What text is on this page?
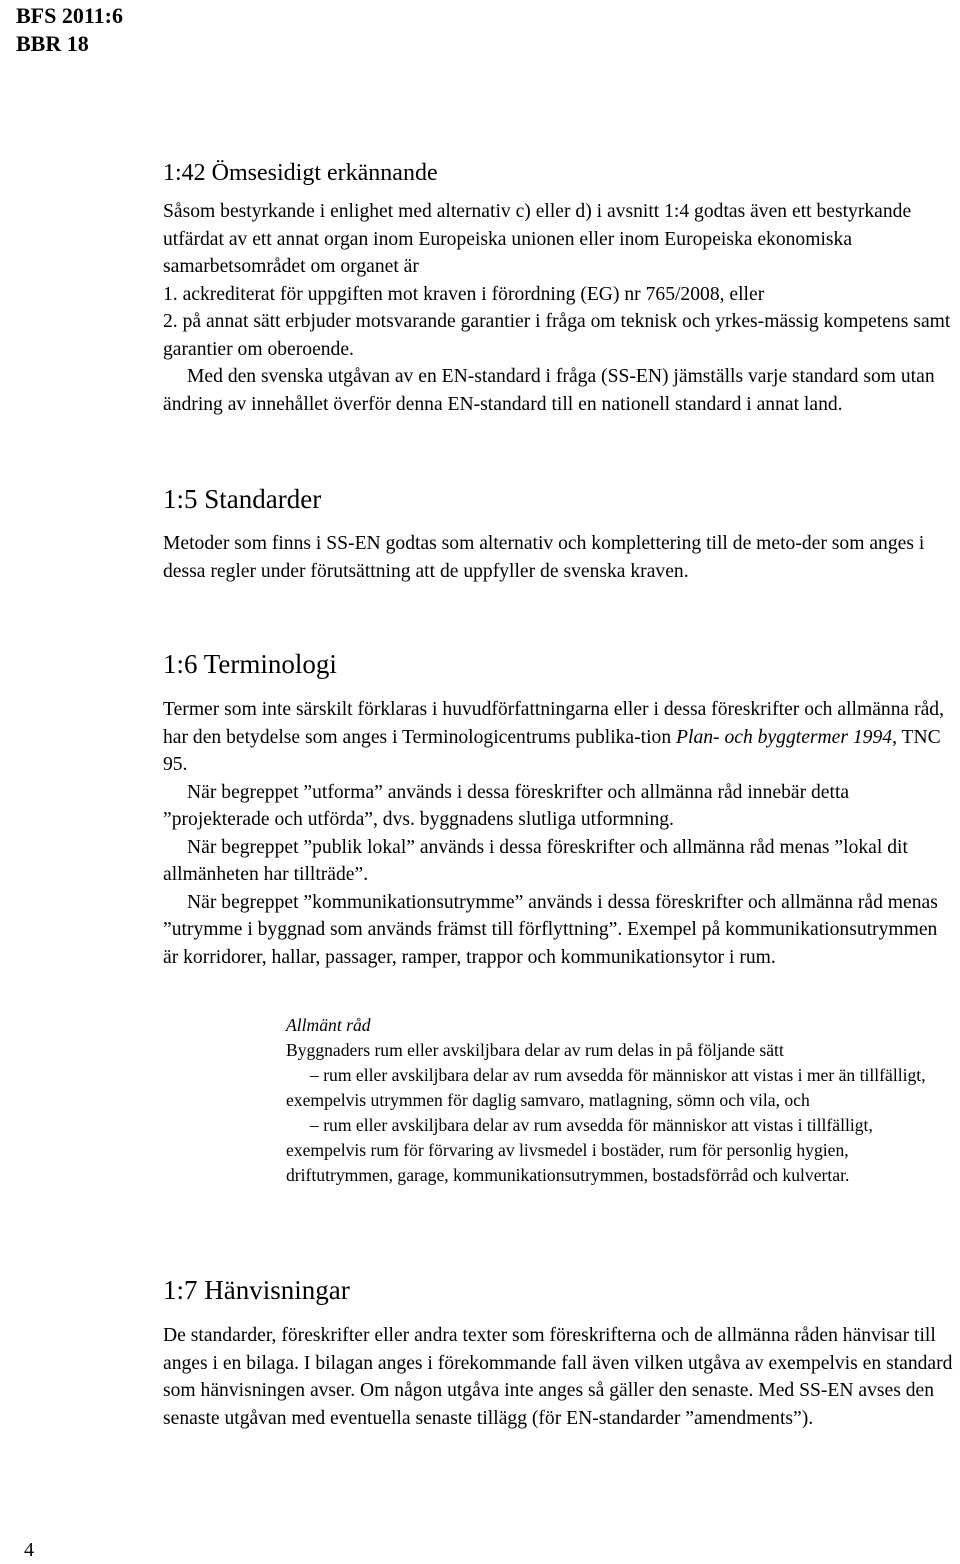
BFS 2011:6
BBR 18
1:42 Ömsesidigt erkännande

Såsom bestyrkande i enlighet med alternativ c) eller d) i avsnitt 1:4 godtas även ett bestyrkande utfärdat av ett annat organ inom Europeiska unionen eller inom Europeiska ekonomiska samarbetsområdet om organet är

1. ackrediterat för uppgiften mot kraven i förordning (EG) nr 765/2008, eller

2. på annat sätt erbjuder motsvarande garantier i fråga om teknisk och yrkes-mässig kompetens samt garantier om oberoende.

Med den svenska utgåvan av en EN-standard i fråga (SS-EN) jämställs varje standard som utan ändring av innehållet överför denna EN-standard till en nationell standard i annat land.

1:5 Standarder

Metoder som finns i SS-EN godtas som alternativ och komplettering till de meto-der som anges i dessa regler under förutsättning att de uppfyller de svenska kraven.

1:6 Terminologi

Termer som inte särskilt förklaras i huvudförfattningarna eller i dessa föreskrifter och allmänna råd, har den betydelse som anges i Terminologicentrums publika-tion Plan- och byggtermer 1994, TNC 95.

När begreppet ”utforma” används i dessa föreskrifter och allmänna råd innebär detta ”projekterade och utförda”, dvs. byggnadens slutliga utformning.

När begreppet ”publik lokal” används i dessa föreskrifter och allmänna råd menas ”lokal dit allmänheten har tillträde”.

När begreppet ”kommunikationsutrymme” används i dessa föreskrifter och allmänna råd menas ”utrymme i byggnad som används främst till förflyttning”. Exempel på kommunikationsutrymmen är korridorer, hallar, passager, ramper, trappor och kommunikationsytor i rum.

1:7 Hänvisningar

De standarder, föreskrifter eller andra texter som föreskrifterna och de allmänna råden hänvisar till anges i en bilaga. I bilagan anges i förekommande fall även vilken utgåva av exempelvis en standard som hänvisningen avser. Om någon utgåva inte anges så gäller den senaste. Med SS-EN avses den senaste utgåvan med eventuella senaste tillägg (för EN-standarder ”amendments”).

Allmänt råd

Byggnaders rum eller avskiljbara delar av rum delas in på följande sätt

– rum eller avskiljbara delar av rum avsedda för människor att vistas i mer än tillfälligt, exempelvis utrymmen för daglig samvaro, matlagning, sömn och vila, och

– rum eller avskiljbara delar av rum avsedda för människor att vistas i tillfälligt, exempelvis rum för förvaring av livsmedel i bostäder, rum för personlig hygien, driftutrymmen, garage, kommunikationsutrymmen, bostadsförråd och kulvertar.

4
